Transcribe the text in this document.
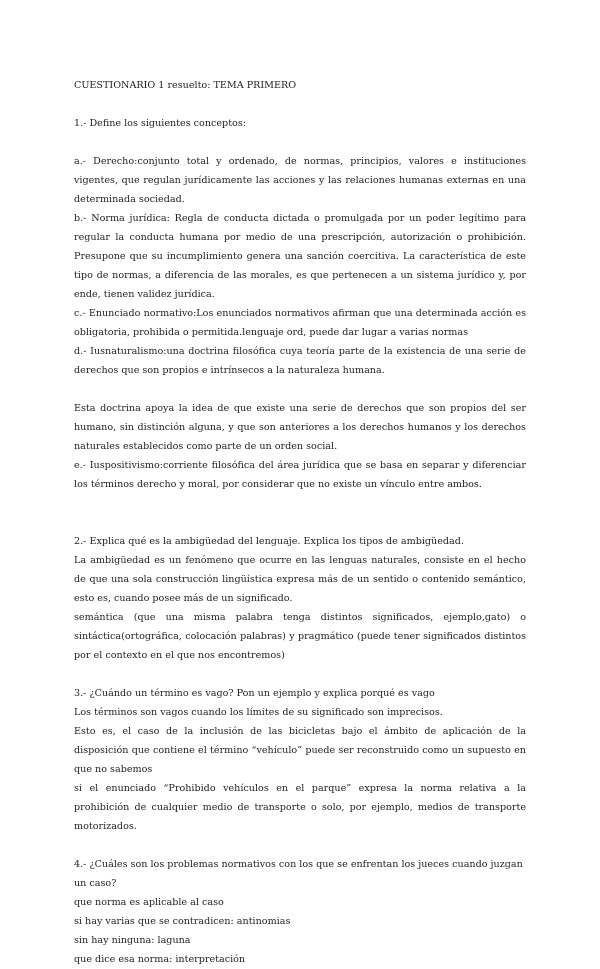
CUESTIONARIO 1 resuelto: TEMA PRIMERO

1.- Define los siguientes conceptos:

a.- Derecho:conjunto total y ordenado, de normas, principios, valores e instituciones vigentes, que regulan jurídicamente las acciones y las relaciones humanas externas en una determinada sociedad.

b.- Norma jurídica: Regla de conducta dictada o promulgada por un poder legítimo para regular la conducta humana por medio de una prescripción, autorización o prohibición. Presupone que su incumplimiento genera una sanción coercitiva. La característica de este tipo de normas, a diferencia de las morales, es que pertenecen a un sistema jurídico y, por ende, tienen validez jurídica.

c.- Enunciado normativo:Los enunciados normativos afirman que una determinada acción es obligatoria, prohibida o permitida.lenguaje ord, puede dar lugar a varias normas

d.- Iusnaturalismo:una doctrina filosófica cuya teoría parte de la existencia de una serie de derechos que son propios e intrínsecos a la naturaleza humana.

Esta doctrina apoya la idea de que existe una serie de derechos que son propios del ser humano, sin distinción alguna, y que son anteriores a los derechos humanos y los derechos naturales establecidos como parte de un orden social.

e.- Iuspositivismo:corriente filosófica del área jurídica que se basa en separar y diferenciar los términos derecho y moral, por considerar que no existe un vínculo entre ambos.

2.- Explica qué es la ambigüedad del lenguaje. Explica los tipos de ambigüedad.

La ambigüedad es un fenómeno que ocurre en las lenguas naturales, consiste en el hecho de que una sola construcción lingüística expresa más de un sentido o contenido semántico, esto es, cuando posee más de un significado.

semántica (que una misma palabra tenga distintos significados, ejemplo,gato) o sintáctica(ortográfica, colocación palabras) y pragmático (puede tener significados distintos por el contexto en el que nos encontremos)

3.- ¿Cuándo un término es vago? Pon un ejemplo y explica porqué es vago

Los términos son vagos cuando los límites de su significado son imprecisos.

Esto es, el caso de la inclusión de las bicicletas bajo el ámbito de aplicación de la disposición que contiene el término “vehículo” puede ser reconstruido como un supuesto en que no sabemos

si el enunciado “Prohibido vehículos en el parque” expresa la norma relativa a la prohibición de cualquier medio de transporte o solo, por ejemplo, medios de transporte motorizados.

4.- ¿Cuáles son los problemas normativos con los que se enfrentan los jueces cuando juzgan un caso?

que norma es aplicable al caso

si hay varias que se contradicen: antinomias

sin hay ninguna: laguna

que dice esa norma: interpretación
